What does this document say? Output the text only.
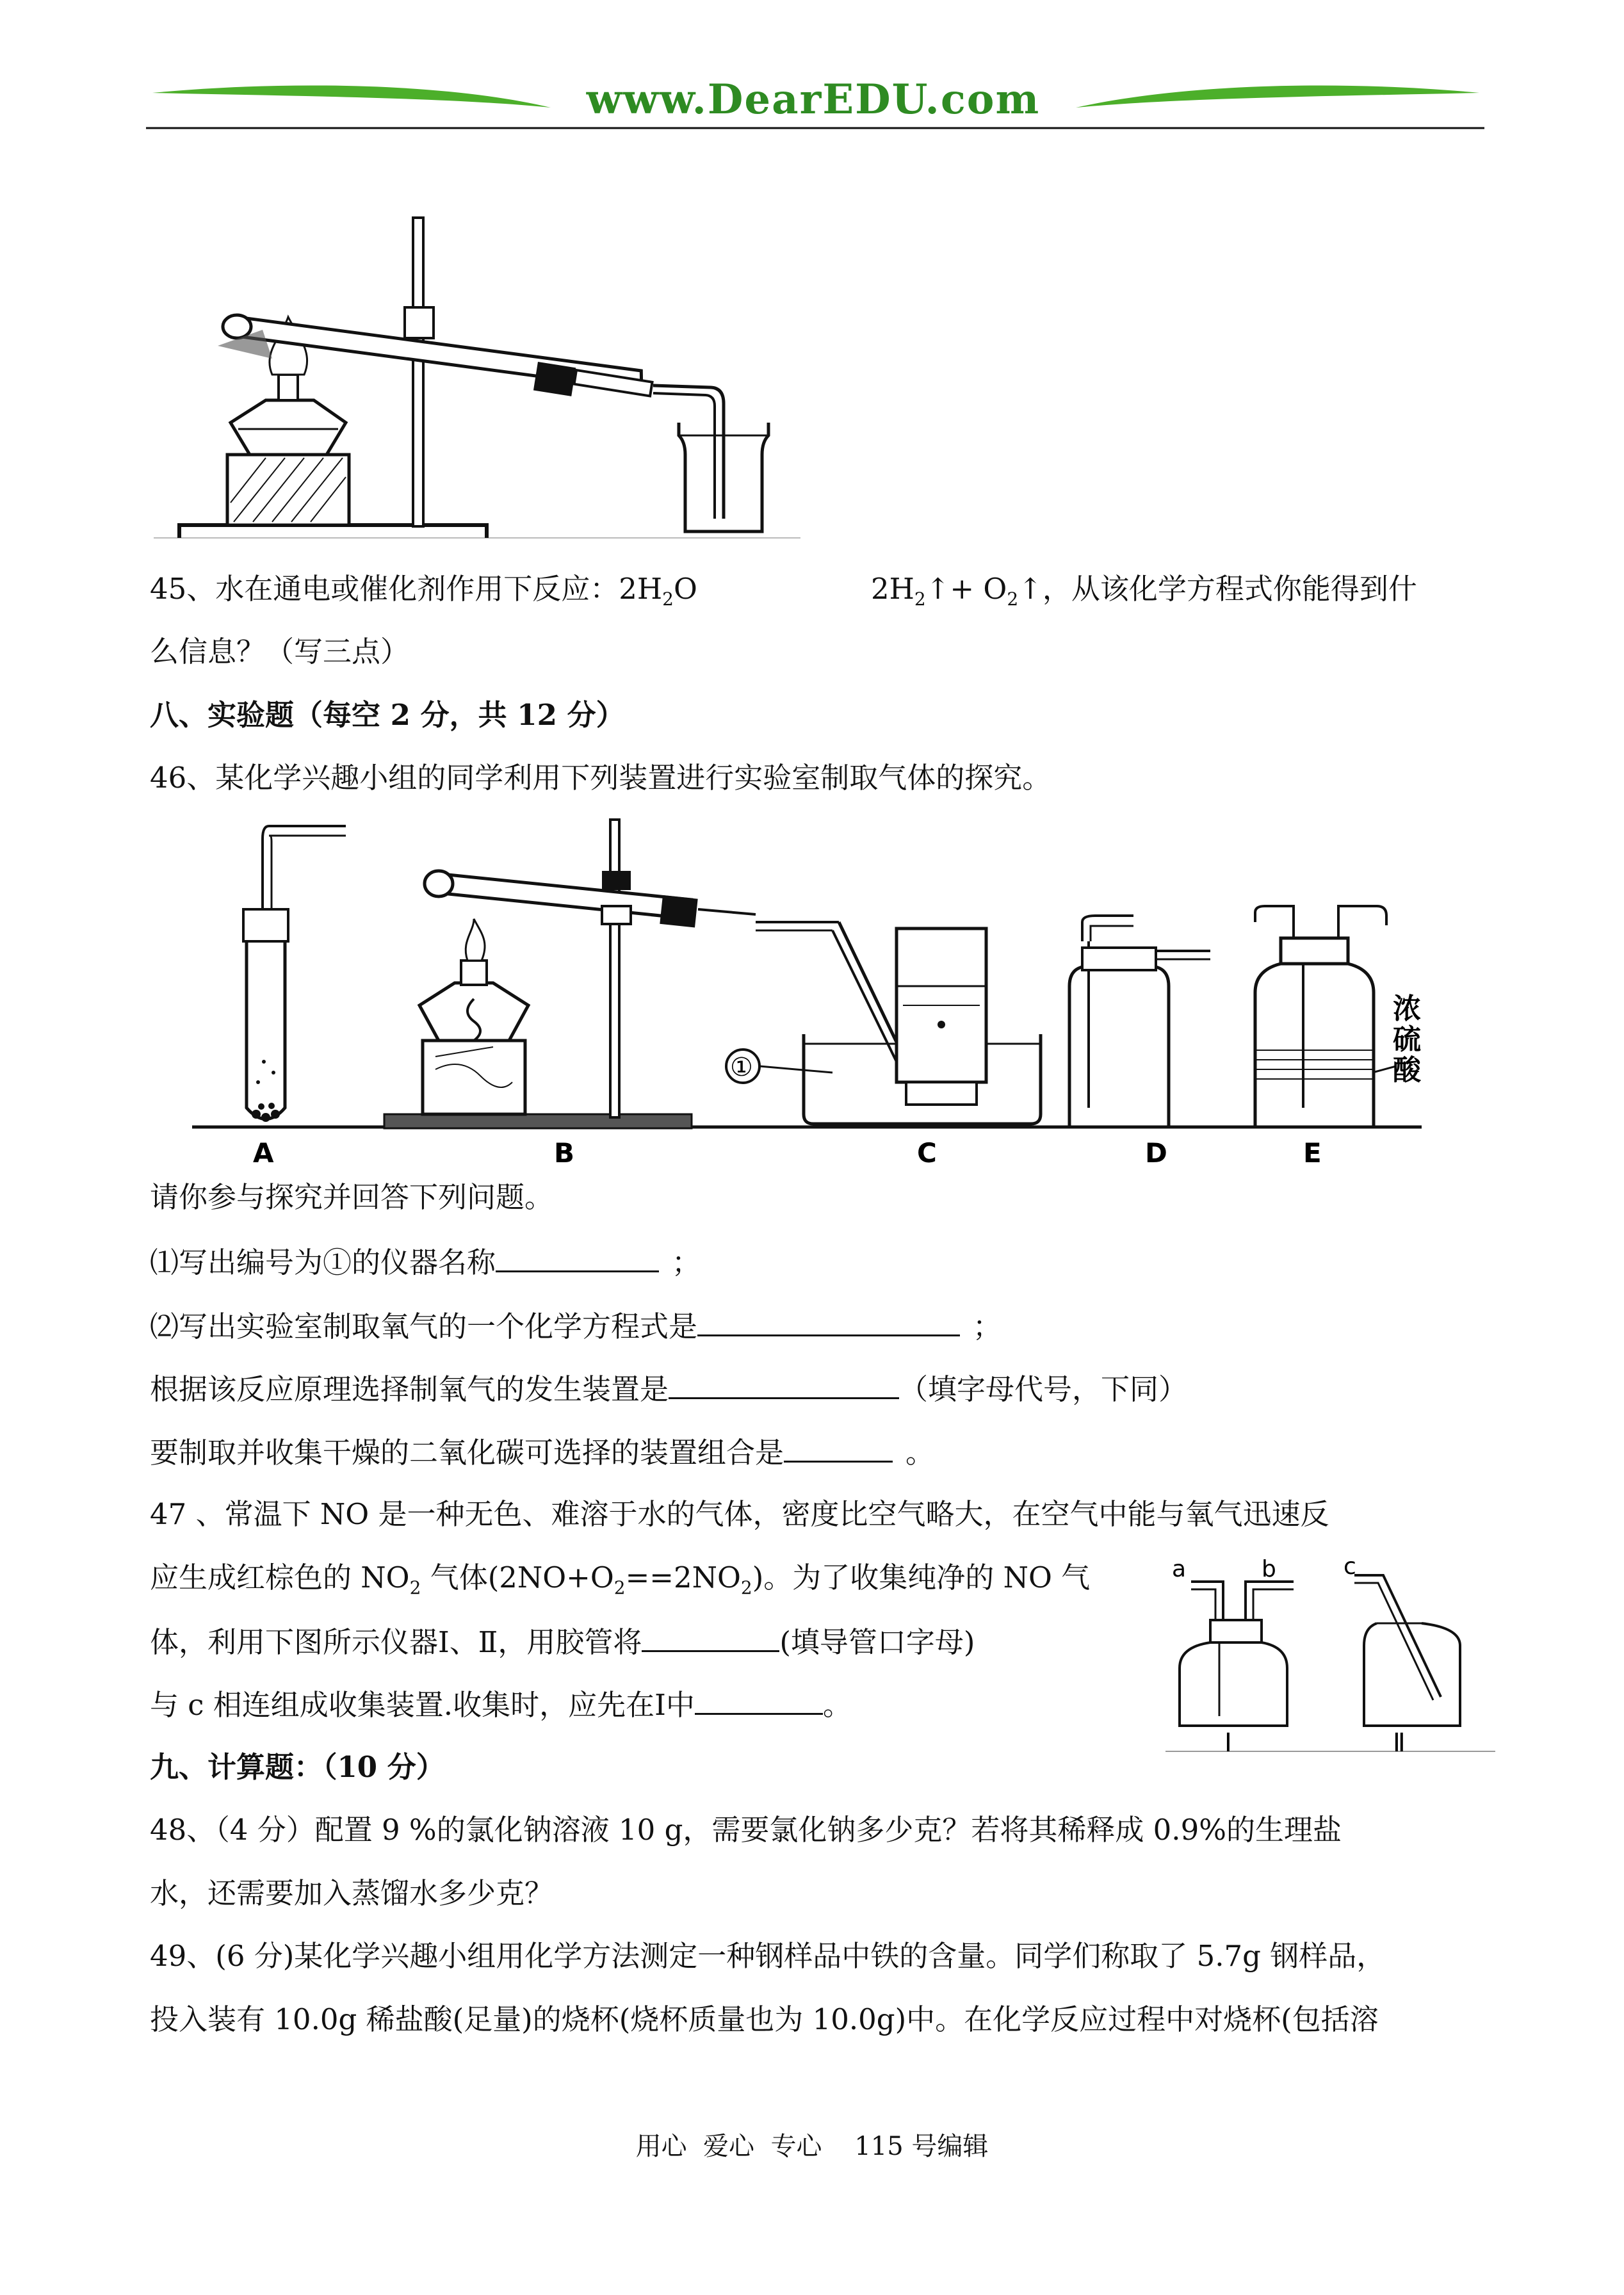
www.DearEDU.com
45、水在通电或催化剂作用下反应：$2H_2O$	$2H_2↑+$ $O_2↑$，从该化学方程式你能得到什
么信息？（写三点）
八、实验题（每空 2 分，共 12 分）
46、某化学兴趣小组的同学利用下列装置进行实验室制取气体的探究。
A	B
①
C	D
浓
硫
酸
E
请你参与探究并回答下列问题。
⑴写出编号为①的仪器名称	；
⑵写出实验室制取氧气的一个化学方程式是	；
根据该反应原理选择制氧气的发生装置是	（填字母代号，下同）
要制取并收集干燥的二氧化碳可选择的装置组合是	。
47 、常温下 NO 是一种无色、难溶于水的气体，密度比空气略大，在空气中能与氧气迅速反
应生成红棕色的 $NO_2$ 气体$(2NO+O_2==2NO_2)$。为了收集纯净的 NO 气
体，利用下图所示仪器Ⅰ、Ⅱ，用胶管将	(填导管口字母)
与 c 相连组成收集装置.收集时，应先在Ⅰ中	。
a	b	c
Ⅰ	Ⅱ
九、计算题：（10 分）
48、（4 分）配置 9 %的氯化钠溶液 10 g，需要氯化钠多少克？若将其稀释成 0.9%的生理盐
水，还需要加入蒸馏水多少克？
49、(6 分)某化学兴趣小组用化学方法测定一种钢样品中铁的含量。同学们称取了 5.7g 钢样品，
投入装有 10.0g 稀盐酸(足量)的烧杯(烧杯质量也为 10.0g)中。在化学反应过程中对烧杯(包括溶
用心  爱心  专心    115 号编辑
